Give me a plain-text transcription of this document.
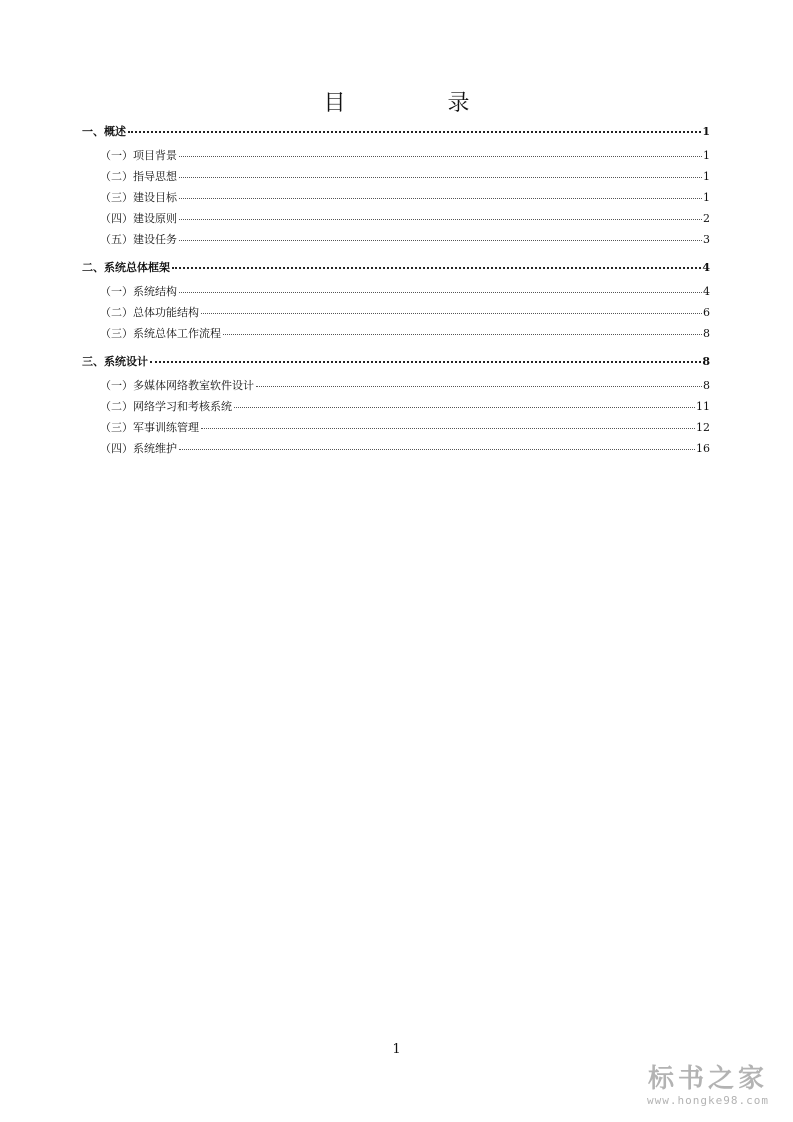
目　录
一、概述	1
（一）项目背景	1
（二）指导思想	1
（三）建设目标	1
（四）建设原则	2
（五）建设任务	3
二、系统总体框架	4
（一）系统结构	4
（二）总体功能结构	6
（三）系统总体工作流程	8
三、系统设计	8
（一）多媒体网络教室软件设计	8
（二）网络学习和考核系统	11
（三）军事训练管理	12
（四）系统维护	16
1
标书之家
www.hongke98.com
